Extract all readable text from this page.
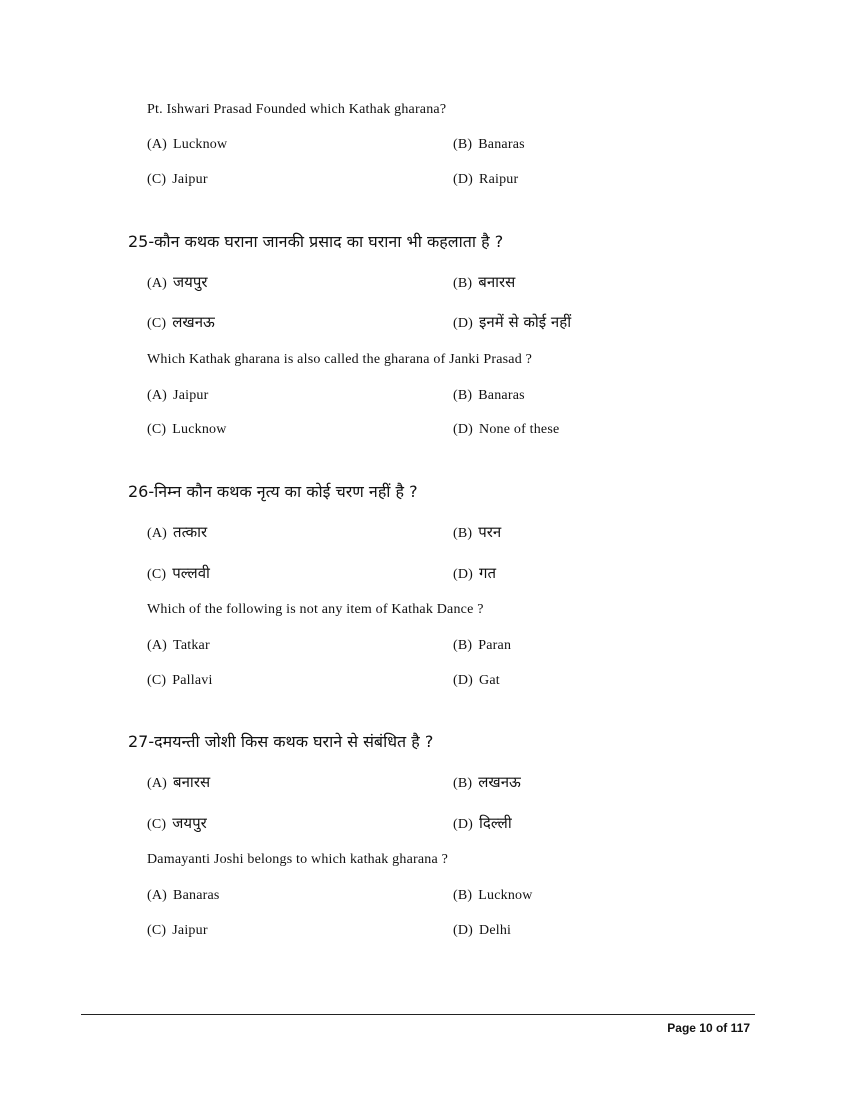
Pt. Ishwari Prasad Founded which Kathak gharana?
(A) Lucknow	(B) Banaras
(C) Jaipur	(D) Raipur
25-कौन कथक घराना जानकी प्रसाद का घराना भी कहलाता है ?
(A) जयपुर	(B) बनारस
(C) लखनऊ	(D) इनमें से कोई नहीं
Which Kathak gharana is also called the gharana of Janki Prasad ?
(A) Jaipur	(B) Banaras
(C) Lucknow	(D) None of these
26-निम्न कौन कथक नृत्य का कोई चरण नहीं है ?
(A) तत्कार	(B) परन
(C) पल्लवी	(D) गत
Which of the following is not any item of Kathak Dance ?
(A) Tatkar	(B) Paran
(C) Pallavi	(D) Gat
27-दमयन्ती जोशी किस कथक घराने से संबंधित है ?
(A) बनारस	(B) लखनऊ
(C) जयपुर	(D) दिल्ली
Damayanti Joshi belongs to which kathak gharana ?
(A) Banaras	(B) Lucknow
(C) Jaipur	(D) Delhi
Page 10 of 117
